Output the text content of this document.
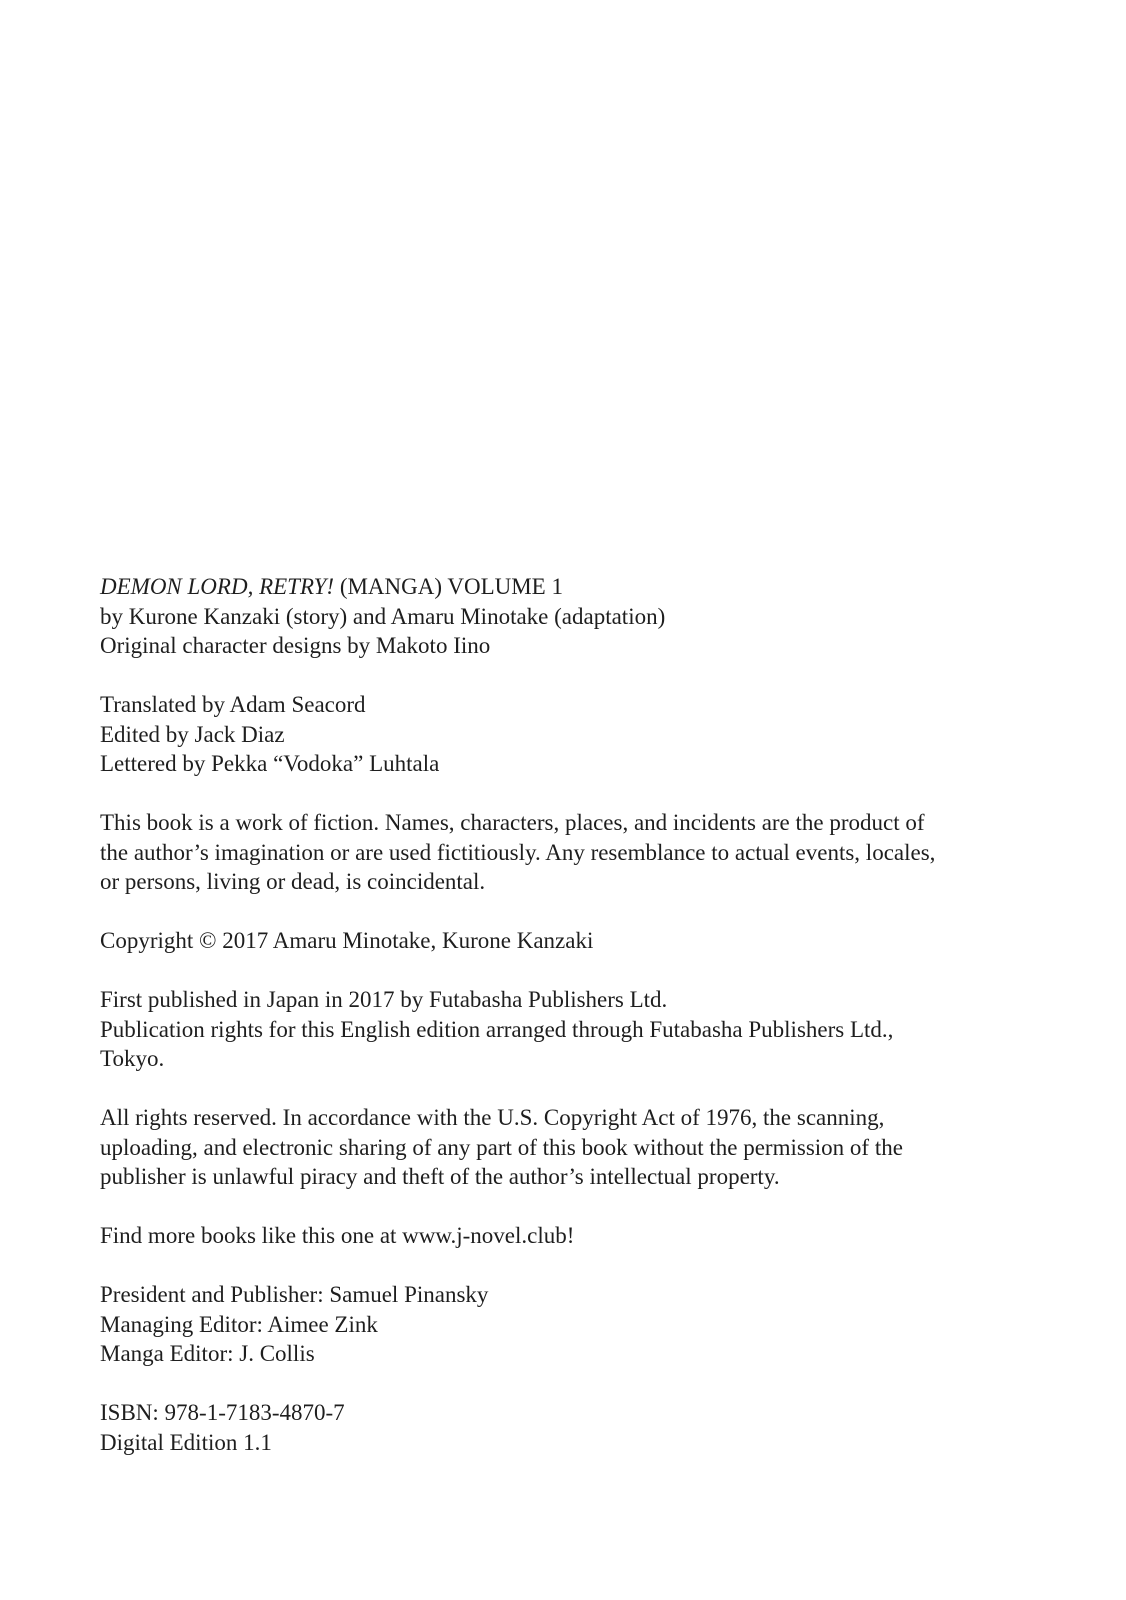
DEMON LORD, RETRY! (MANGA) VOLUME 1
by Kurone Kanzaki (story) and Amaru Minotake (adaptation)
Original character designs by Makoto Iino

Translated by Adam Seacord
Edited by Jack Diaz
Lettered by Pekka “Vodoka” Luhtala

This book is a work of fiction. Names, characters, places, and incidents are the product of
the author’s imagination or are used fictitiously. Any resemblance to actual events, locales,
or persons, living or dead, is coincidental.

Copyright © 2017 Amaru Minotake, Kurone Kanzaki

First published in Japan in 2017 by Futabasha Publishers Ltd.
Publication rights for this English edition arranged through Futabasha Publishers Ltd.,
Tokyo.

All rights reserved. In accordance with the U.S. Copyright Act of 1976, the scanning,
uploading, and electronic sharing of any part of this book without the permission of the
publisher is unlawful piracy and theft of the author’s intellectual property.

Find more books like this one at www.j-novel.club!

President and Publisher: Samuel Pinansky
Managing Editor: Aimee Zink
Manga Editor: J. Collis

ISBN: 978-1-7183-4870-7
Digital Edition 1.1
